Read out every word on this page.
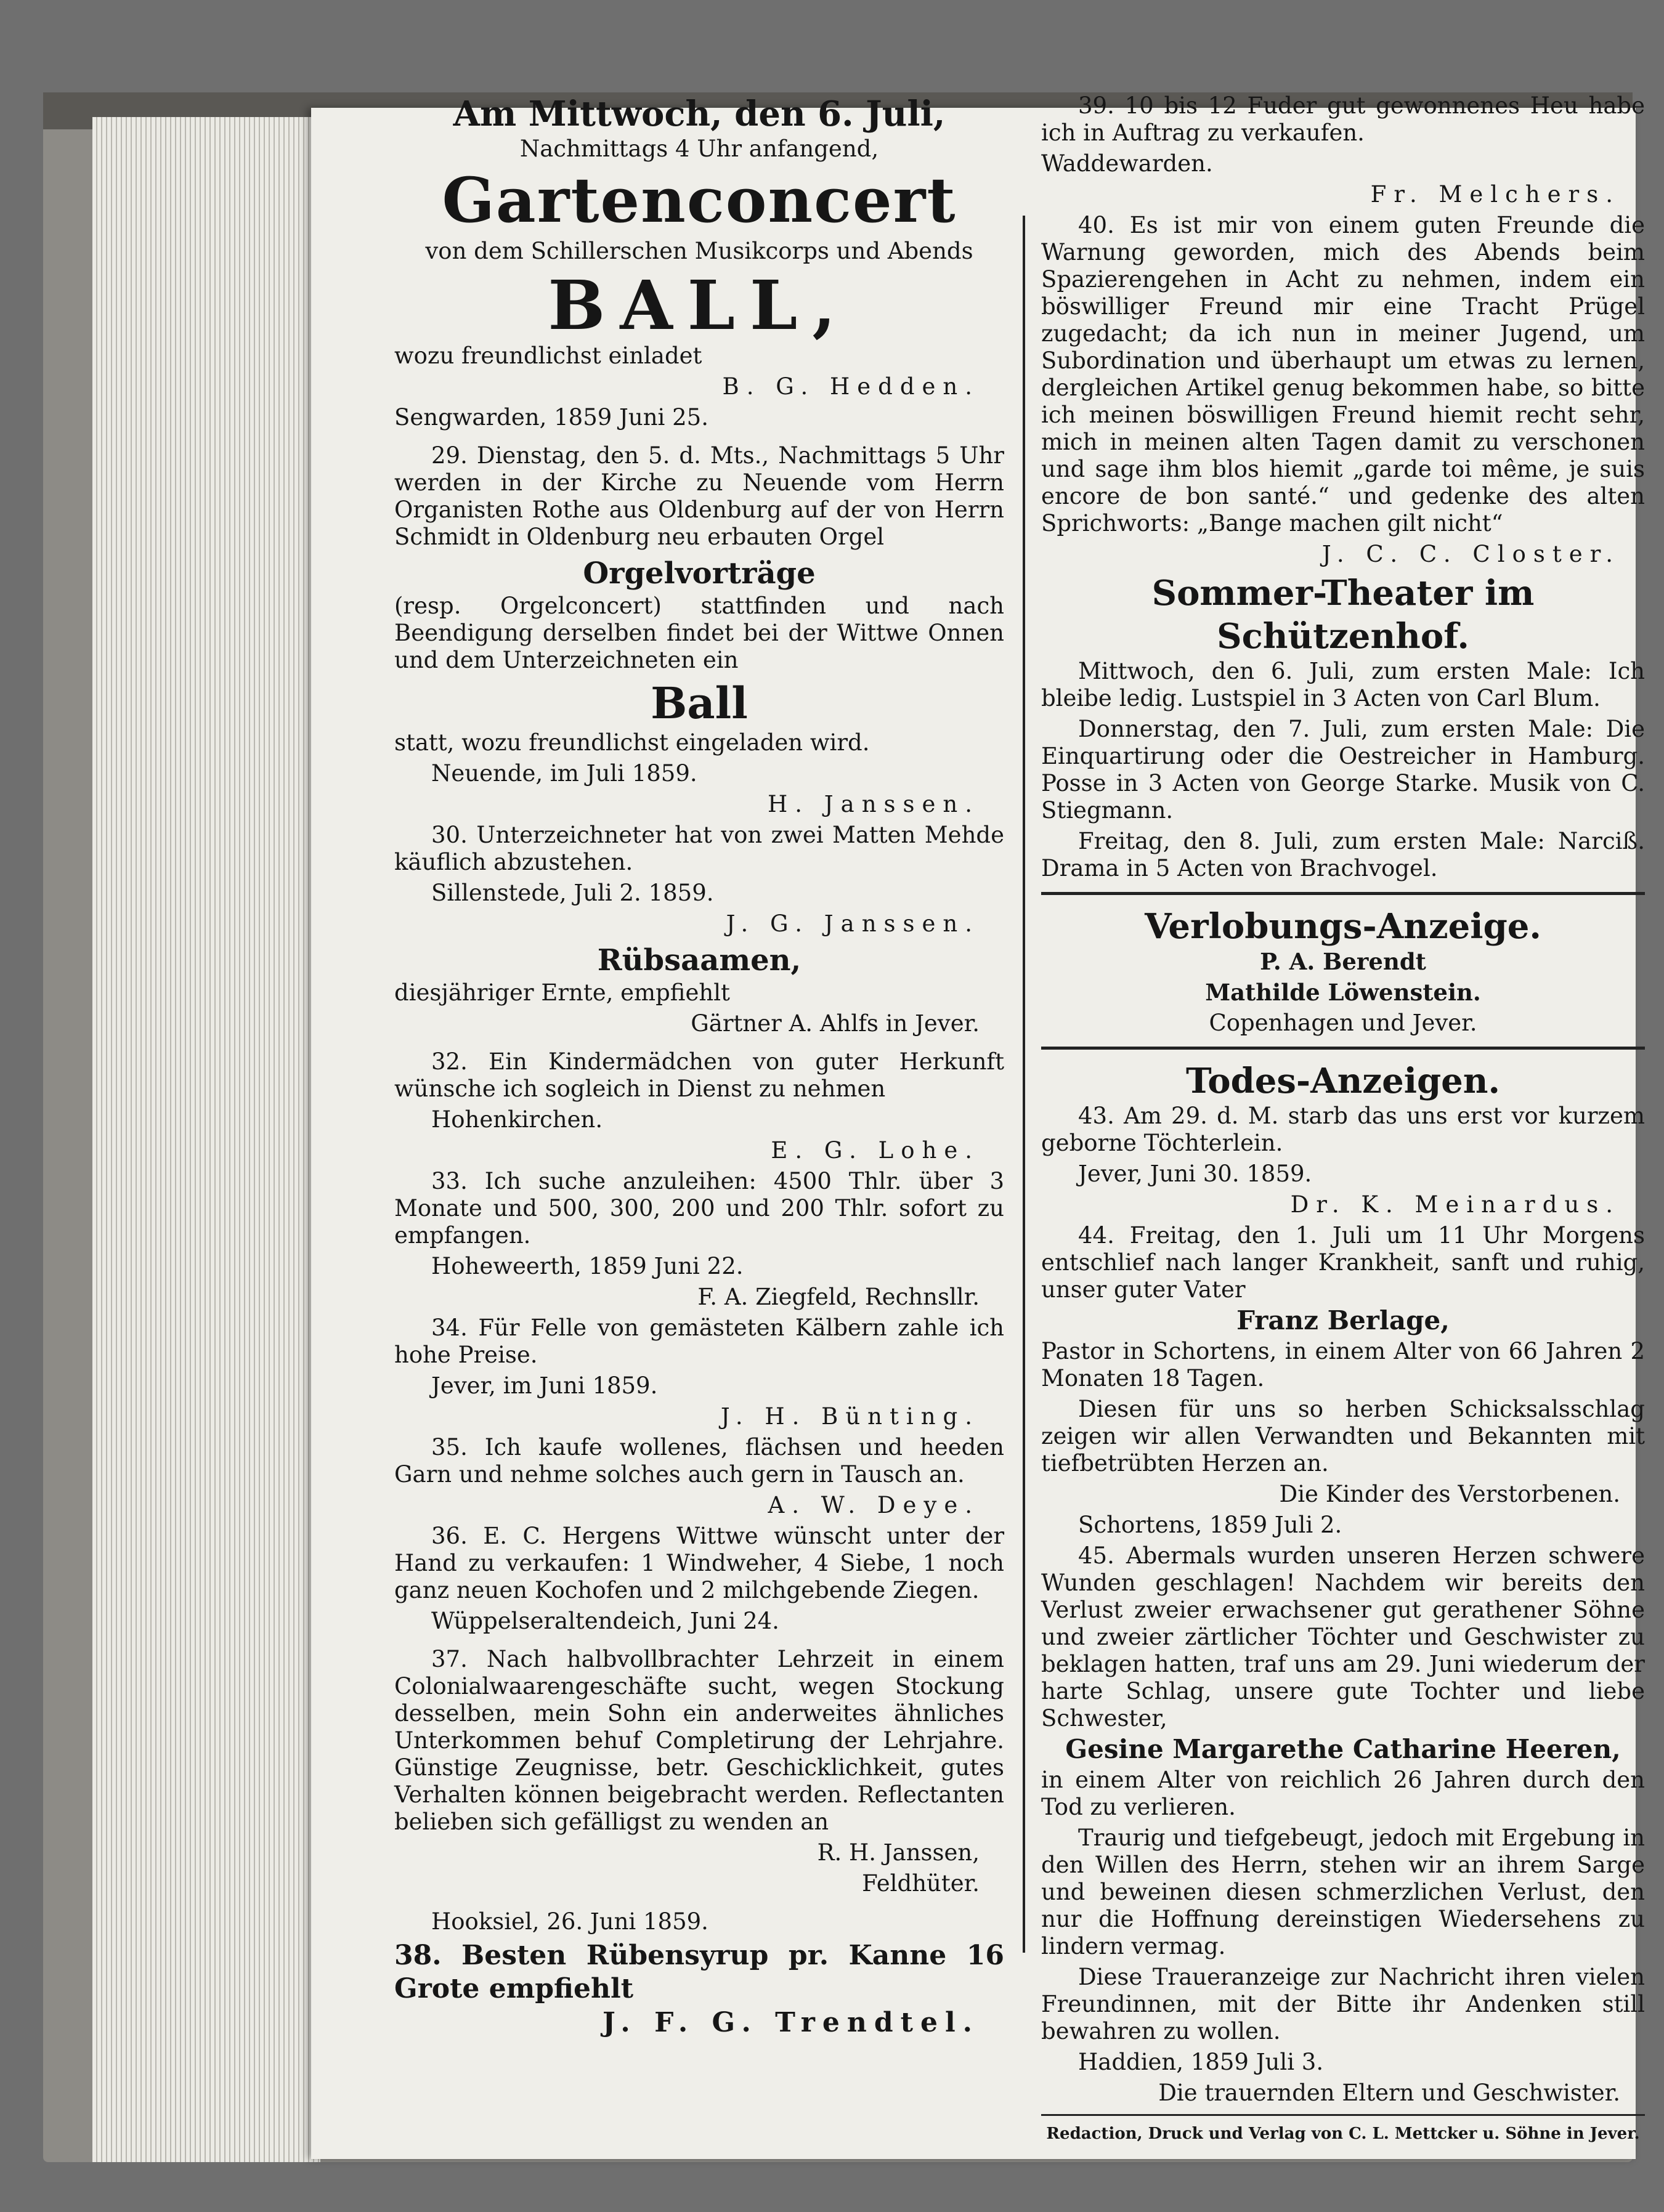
Am Mittwoch, den 6. Juli,

Nachmittags 4 Uhr anfangend,

Gartenconcert

von dem Schillerschen Musikcorps und Abends

BALL,

wozu freundlichst einladet

B. G. Hedden.

Sengwarden, 1859 Juni 25.

29. Dienstag, den 5. d. Mts., Nachmittags 5 Uhr werden in der Kirche zu Neuende vom Herrn Organisten Rothe aus Oldenburg auf der von Herrn Schmidt in Oldenburg neu erbauten Orgel

Orgelvorträge

(resp. Orgelconcert) stattfinden und nach Beendigung derselben findet bei der Wittwe Onnen und dem Unterzeichneten ein

Ball

statt, wozu freundlichst eingeladen wird.

Neuende, im Juli 1859.

H. Janssen.

30. Unterzeichneter hat von zwei Matten Mehde käuflich abzustehen.

Sillenstede, Juli 2. 1859.

J. G. Janssen.

Rübsaamen,

diesjähriger Ernte, empfiehlt

Gärtner A. Ahlfs in Jever.

32. Ein Kindermädchen von guter Herkunft wünsche ich sogleich in Dienst zu nehmen

Hohenkirchen.

E. G. Lohe.

33. Ich suche anzuleihen: 4500 Thlr. über 3 Monate und 500, 300, 200 und 200 Thlr. sofort zu empfangen.

Hoheweerth, 1859 Juni 22.

F. A. Ziegfeld, Rechnsllr.

34. Für Felle von gemästeten Kälbern zahle ich hohe Preise.

Jever, im Juni 1859.

J. H. Bünting.

35. Ich kaufe wollenes, flächsen und heeden Garn und nehme solches auch gern in Tausch an.

A. W. Deye.

36. E. C. Hergens Wittwe wünscht unter der Hand zu verkaufen: 1 Windweher, 4 Siebe, 1 noch ganz neuen Kochofen und 2 milchgebende Ziegen.

Wüppelseraltendeich, Juni 24.

37. Nach halbvollbrachter Lehrzeit in einem Colonialwaarengeschäfte sucht, wegen Stockung desselben, mein Sohn ein anderweites ähnliches Unterkommen behuf Completirung der Lehrjahre. Günstige Zeugnisse, betr. Geschicklichkeit, gutes Verhalten können beigebracht werden. Reflectanten belieben sich gefälligst zu wenden an

R. H. Janssen,

Feldhüter.

Hooksiel, 26. Juni 1859.

38. Besten Rübensyrup pr. Kanne 16 Grote empfiehlt

J. F. G. Trendtel.

39. 10 bis 12 Fuder gut gewonnenes Heu habe ich in Auftrag zu verkaufen.

Waddewarden.

Fr. Melchers.

40. Es ist mir von einem guten Freunde die Warnung geworden, mich des Abends beim Spazierengehen in Acht zu nehmen, indem ein böswilliger Freund mir eine Tracht Prügel zugedacht; da ich nun in meiner Jugend, um Subordination und überhaupt um etwas zu lernen, dergleichen Artikel genug bekommen habe, so bitte ich meinen böswilligen Freund hiemit recht sehr, mich in meinen alten Tagen damit zu verschonen und sage ihm blos hiemit „garde toi même, je suis encore de bon santé.“ und gedenke des alten Sprichworts: „Bange machen gilt nicht“

J. C. C. Closter.

Sommer-Theater im Schützenhof.

Mittwoch, den 6. Juli, zum ersten Male: Ich bleibe ledig. Lustspiel in 3 Acten von Carl Blum.

Donnerstag, den 7. Juli, zum ersten Male: Die Einquartirung oder die Oestreicher in Hamburg. Posse in 3 Acten von George Starke. Musik von C. Stiegmann.

Freitag, den 8. Juli, zum ersten Male: Narciß. Drama in 5 Acten von Brachvogel.

Verlobungs-Anzeige.

P. A. Berendt

Mathilde Löwenstein.

Copenhagen und Jever.

Todes-Anzeigen.

43. Am 29. d. M. starb das uns erst vor kurzem geborne Töchterlein.

Jever, Juni 30. 1859.

Dr. K. Meinardus.

44. Freitag, den 1. Juli um 11 Uhr Morgens entschlief nach langer Krankheit, sanft und ruhig, unser guter Vater

Franz Berlage,

Pastor in Schortens, in einem Alter von 66 Jahren 2 Monaten 18 Tagen.

Diesen für uns so herben Schicksalsschlag zeigen wir allen Verwandten und Bekannten mit tiefbetrübten Herzen an.

Die Kinder des Verstorbenen.

Schortens, 1859 Juli 2.

45. Abermals wurden unseren Herzen schwere Wunden geschlagen! Nachdem wir bereits den Verlust zweier erwachsener gut gerathener Söhne und zweier zärtlicher Töchter und Geschwister zu beklagen hatten, traf uns am 29. Juni wiederum der harte Schlag, unsere gute Tochter und liebe Schwester,

Gesine Margarethe Catharine Heeren,

in einem Alter von reichlich 26 Jahren durch den Tod zu verlieren.

Traurig und tiefgebeugt, jedoch mit Ergebung in den Willen des Herrn, stehen wir an ihrem Sarge und beweinen diesen schmerzlichen Verlust, den nur die Hoffnung dereinstigen Wiedersehens zu lindern vermag.

Diese Traueranzeige zur Nachricht ihren vielen Freundinnen, mit der Bitte ihr Andenken still bewahren zu wollen.

Haddien, 1859 Juli 3.

Die trauernden Eltern und Geschwister.

Redaction, Druck und Verlag von C. L. Mettcker u. Söhne in Jever.
